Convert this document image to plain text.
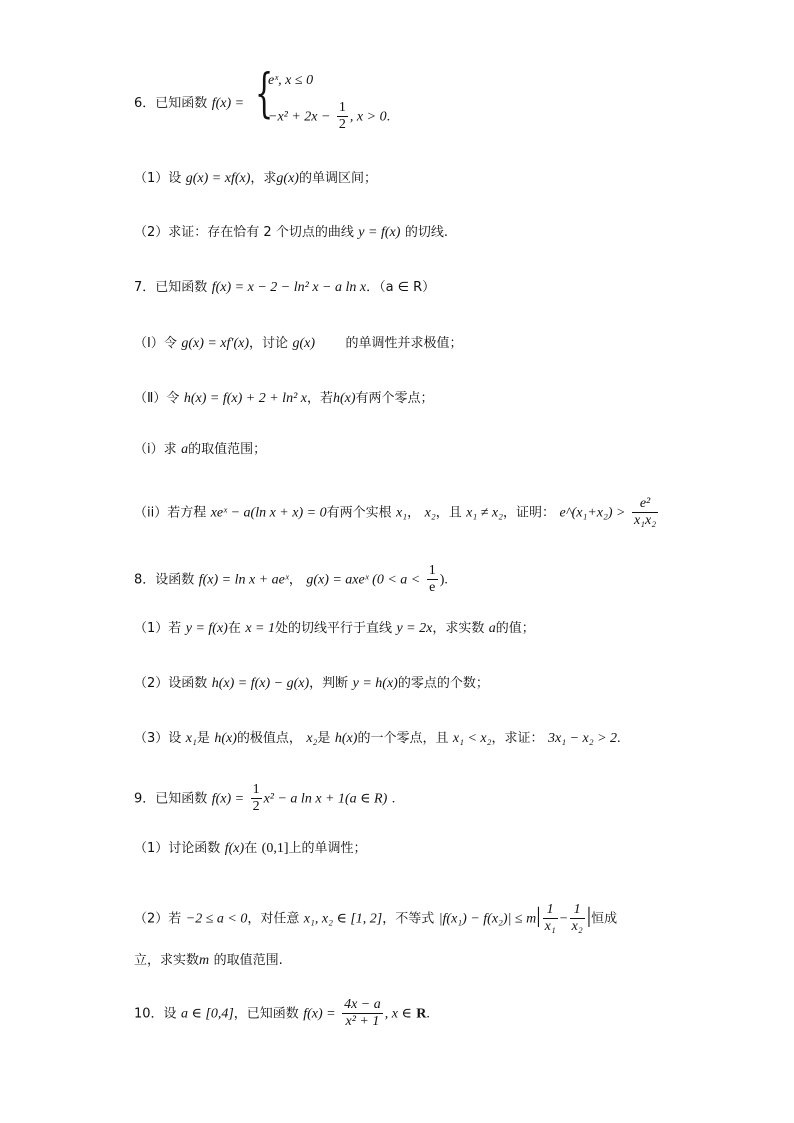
6．已知函数 f(x) = {
eˣ, x ≤ 0
$-x^2 + 2x - \frac{1}{2}$ , x > 0.
（1）设 g(x) = xf(x)，求g(x)的单调区间；
（2）求证：存在恰有 2 个切点的曲线 y = f(x) 的切线.
7．已知函数 f(x) = x − 2 − ln² x − a ln x．（a ∈ R）
（Ⅰ）令 g(x) = xf′(x)，讨论 g(x) 的单调性并求极值；
（Ⅱ）令 h(x) = f(x) + 2 + ln² x，若h(x)有两个零点；
（i）求 a的取值范围；
（ii）若方程 xeˣ − a(ln x + x) = 0有两个实根 x₁， x₂，且 x₁ ≠ x₂，证明： e^(x₁+x₂) > $\frac{\text{e²}}{\text{x₁x₂}}$
8．设函数 f(x) = ln x + aeˣ， g(x) = axeˣ ($0 < a < \frac{1}{e}$ ).
（1）若 y = f(x)在 x = 1处的切线平行于直线 y = 2x，求实数 a的值；
（2）设函数 h(x) = f(x) − g(x)，判断 y = h(x)的零点的个数；
（3）设 x₁是 h(x)的极值点， x₂是 h(x)的一个零点，且 x₁ < x₂，求证： 3x₁ − x₂ > 2.
9．已知函数 $f(x) = \frac{1}{2} x^2 - a$ ln x + 1(a ∈ R) .
（1）讨论函数 f(x)在 (0,1]上的单调性；
（2）若 −2 ≤ a < 0，对任意 x₁, x₂ ∈ [1, 2]，不等式 $|f(x_1) - f(x_2)| \le m| \frac{1}{\text{x₁}} - \frac{1}{\text{x₂}}$ |恒成
立，求实数m 的取值范围.
10．设 a ∈ [0,4]，已知函数 $f(x) = \frac{4x - a}{\text{x² + 1}}$ , x ∈ R.
